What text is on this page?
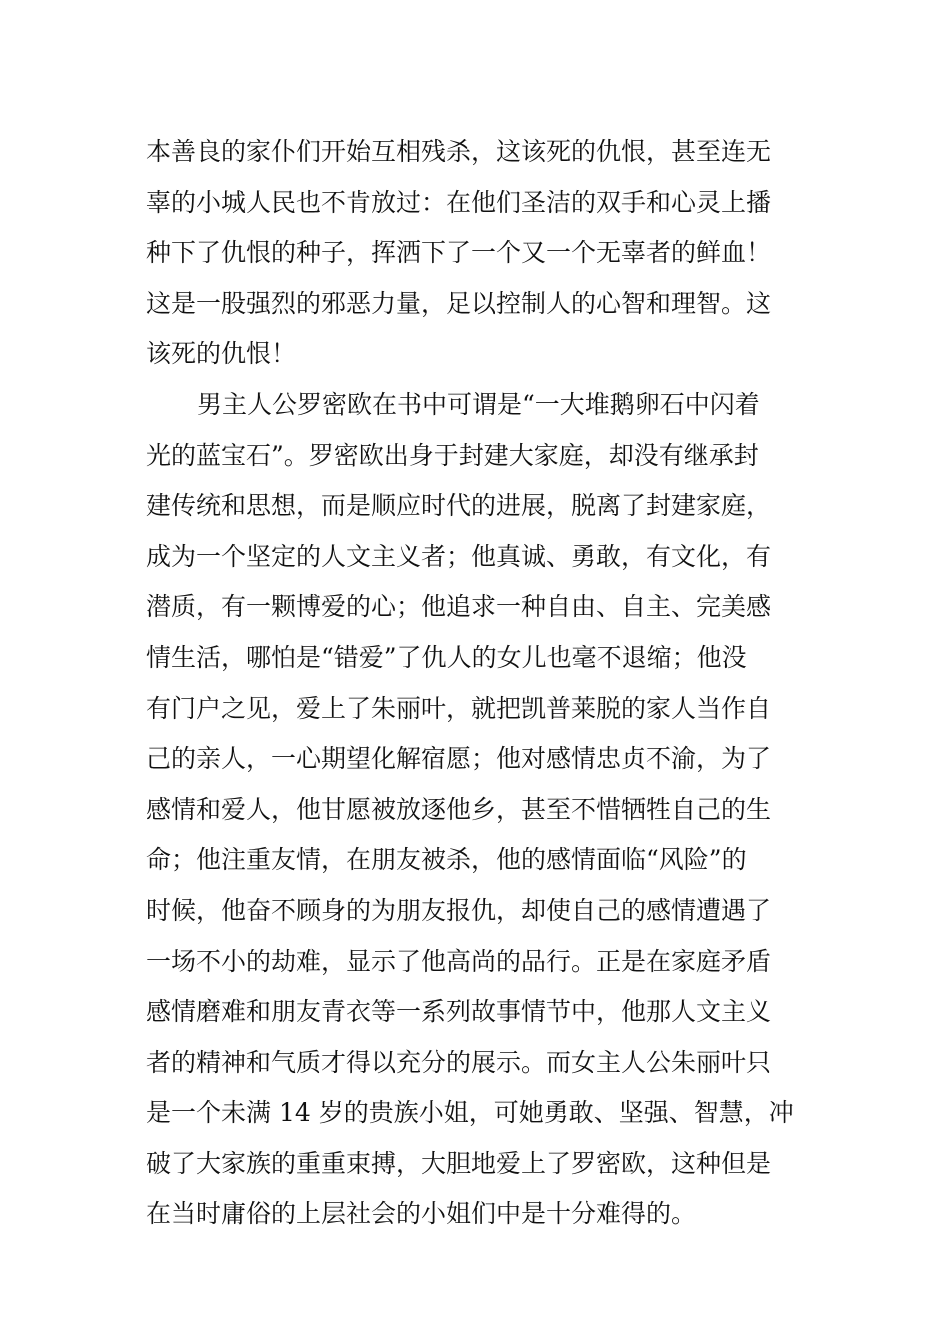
本善良的家仆们开始互相残杀，这该死的仇恨，甚至连无
辜的小城人民也不肯放过：在他们圣洁的双手和心灵上播
种下了仇恨的种子，挥洒下了一个又一个无辜者的鲜血！
这是一股强烈的邪恶力量，足以控制人的心智和理智。这
该死的仇恨！
男主人公罗密欧在书中可谓是“一大堆鹅卵石中闪着
光的蓝宝石”。罗密欧出身于封建大家庭，却没有继承封
建传统和思想，而是顺应时代的进展，脱离了封建家庭，
成为一个坚定的人文主义者；他真诚、勇敢，有文化，有
潜质，有一颗博爱的心；他追求一种自由、自主、完美感
情生活，哪怕是“错爱”了仇人的女儿也毫不退缩；他没
有门户之见，爱上了朱丽叶，就把凯普莱脱的家人当作自
己的亲人，一心期望化解宿愿；他对感情忠贞不渝，为了
感情和爱人，他甘愿被放逐他乡，甚至不惜牺牲自己的生
命；他注重友情，在朋友被杀，他的感情面临“风险”的
时候，他奋不顾身的为朋友报仇，却使自己的感情遭遇了
一场不小的劫难，显示了他高尚的品行。正是在家庭矛盾
感情磨难和朋友青衣等一系列故事情节中，他那人文主义
者的精神和气质才得以充分的展示。而女主人公朱丽叶只
是一个未满 14 岁的贵族小姐，可她勇敢、坚强、智慧，冲
破了大家族的重重束搏，大胆地爱上了罗密欧，这种但是
在当时庸俗的上层社会的小姐们中是十分难得的。
